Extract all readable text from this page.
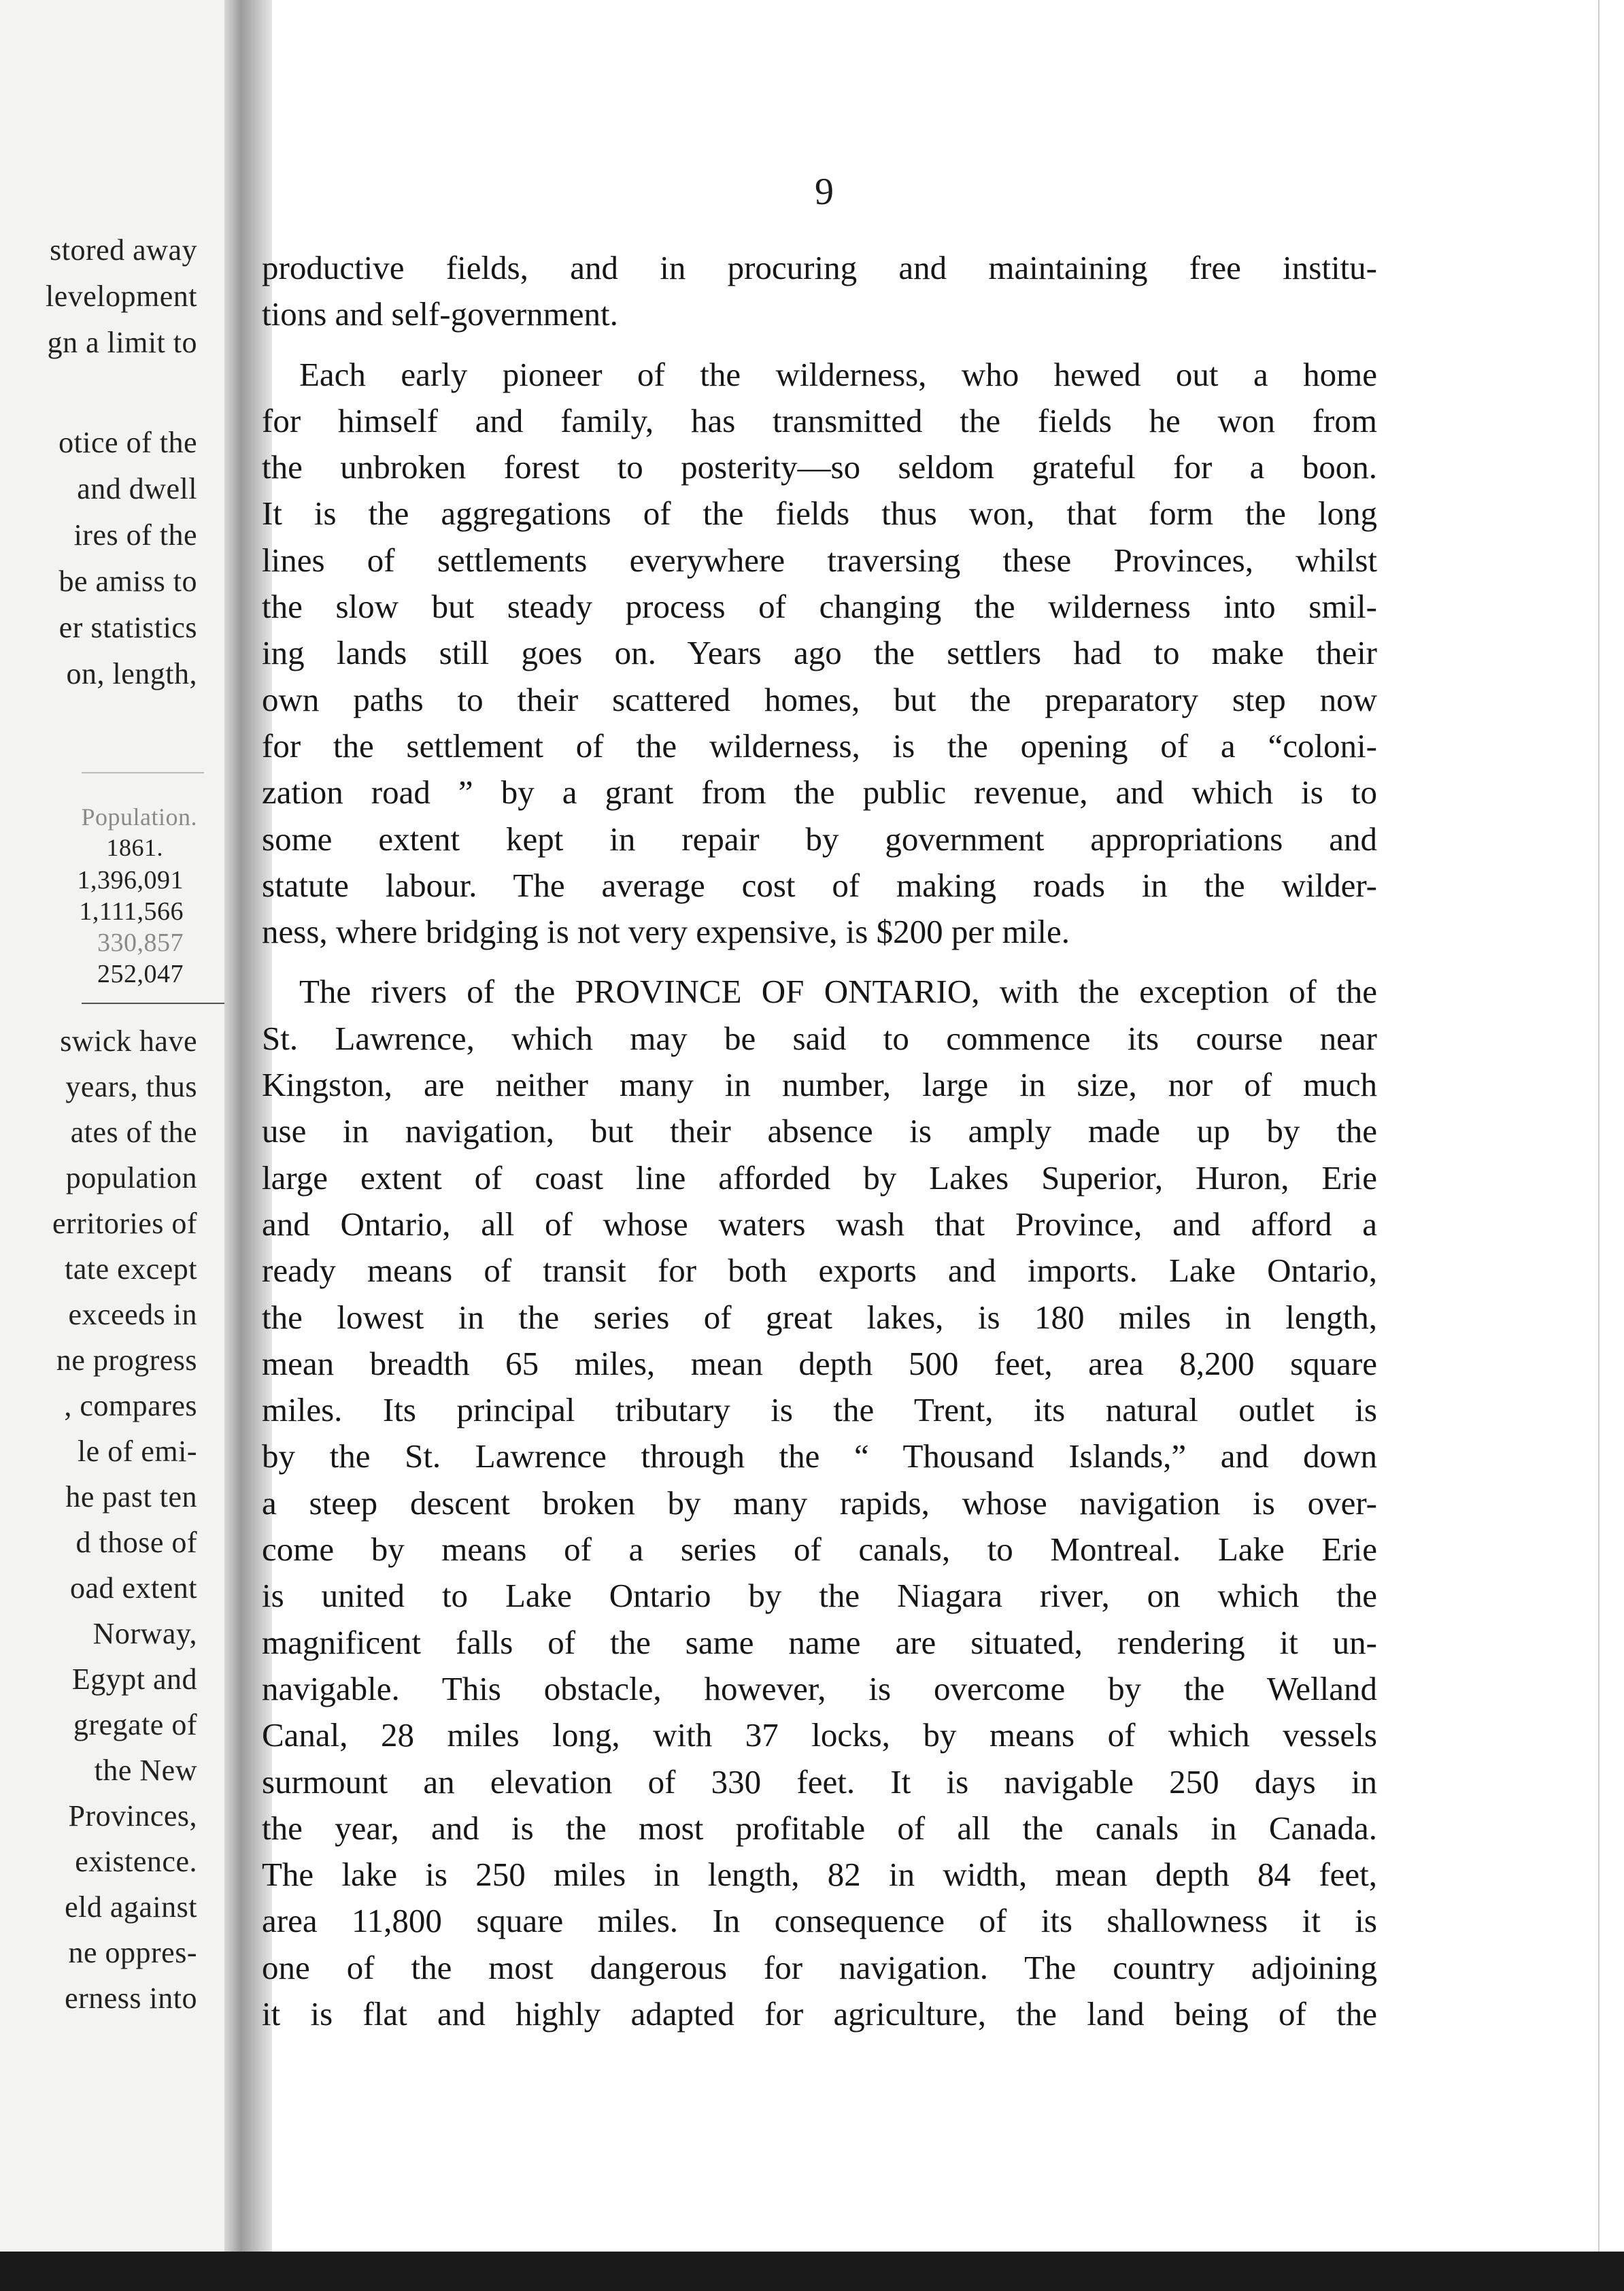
stored away
levelopment
gn a limit to
otice of the
and dwell
ires of the
be amiss to
er statistics
on, length,
Population.
1861.
1,396,091
1,111,566
330,857
252,047
swick have
years, thus
ates of the
population
erritories of
tate except
exceeds in
ne progress
, compares
le of emi-
he past ten
d those of
oad extent
Norway,
Egypt and
gregate of
the New
Provinces,
existence.
eld against
ne oppres-
erness into
9

productive fields, and in procuring and maintaining free institu-
tions and self-government.

Each early pioneer of the wilderness, who hewed out a home
for himself and family, has transmitted the fields he won from
the unbroken forest to posterity—so seldom grateful for a boon.
It is the aggregations of the fields thus won, that form the long
lines of settlements everywhere traversing these Provinces, whilst
the slow but steady process of changing the wilderness into smil-
ing lands still goes on. Years ago the settlers had to make their
own paths to their scattered homes, but the preparatory step now
for the settlement of the wilderness, is the opening of a “coloni-
zation road ” by a grant from the public revenue, and which is to
some extent kept in repair by government appropriations and
statute labour. The average cost of making roads in the wilder-
ness, where bridging is not very expensive, is $200 per mile.

The rivers of the PROVINCE OF ONTARIO, with the exception of the
St. Lawrence, which may be said to commence its course near
Kingston, are neither many in number, large in size, nor of much
use in navigation, but their absence is amply made up by the
large extent of coast line afforded by Lakes Superior, Huron, Erie
and Ontario, all of whose waters wash that Province, and afford a
ready means of transit for both exports and imports. Lake Ontario,
the lowest in the series of great lakes, is 180 miles in length,
mean breadth 65 miles, mean depth 500 feet, area 8,200 square
miles. Its principal tributary is the Trent, its natural outlet is
by the St. Lawrence through the “ Thousand Islands,” and down
a steep descent broken by many rapids, whose navigation is over-
come by means of a series of canals, to Montreal. Lake Erie
is united to Lake Ontario by the Niagara river, on which the
magnificent falls of the same name are situated, rendering it un-
navigable. This obstacle, however, is overcome by the Welland
Canal, 28 miles long, with 37 locks, by means of which vessels
surmount an elevation of 330 feet. It is navigable 250 days in
the year, and is the most profitable of all the canals in Canada.
The lake is 250 miles in length, 82 in width, mean depth 84 feet,
area 11,800 square miles. In consequence of its shallowness it is
one of the most dangerous for navigation. The country adjoining
it is flat and highly adapted for agriculture, the land being of the
